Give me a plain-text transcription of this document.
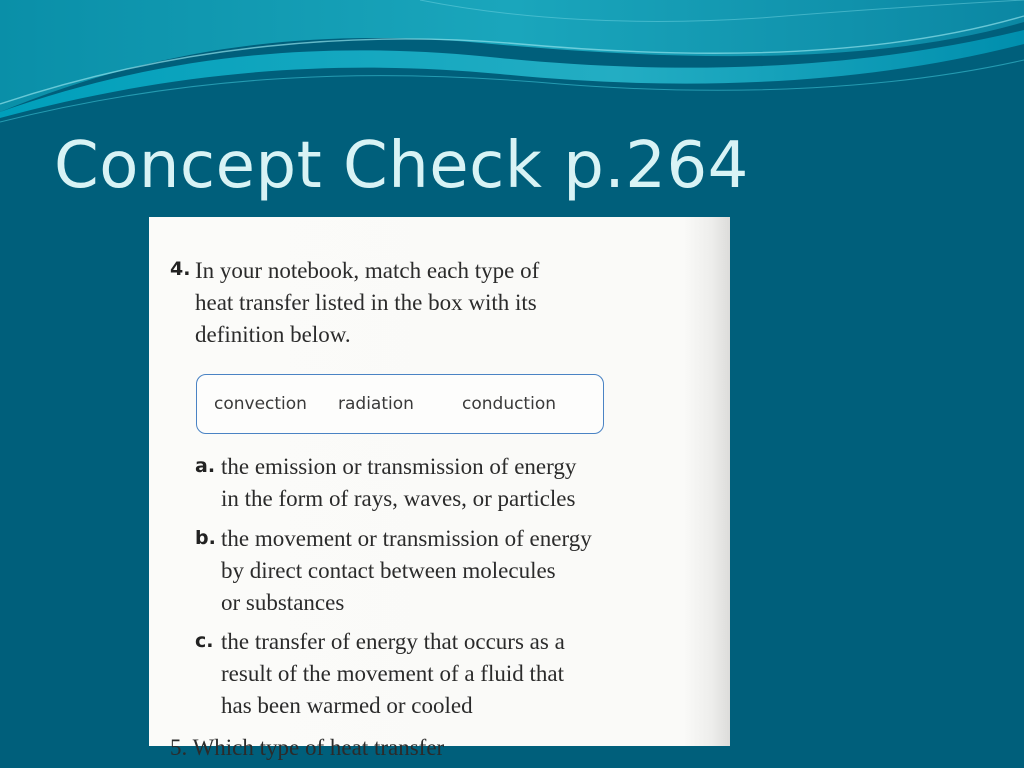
Concept Check p.264
4. In your notebook, match each type of
heat transfer listed in the box with its
definition below.
convection radiation	conduction
a. the emission or transmission of energy
in the form of rays, waves, or particles
b. the movement or transmission of energy
by direct contact between molecules
or substances
c. the transfer of energy that occurs as a
result of the movement of a fluid that
has been warmed or cooled
5. Which type of heat transfer
